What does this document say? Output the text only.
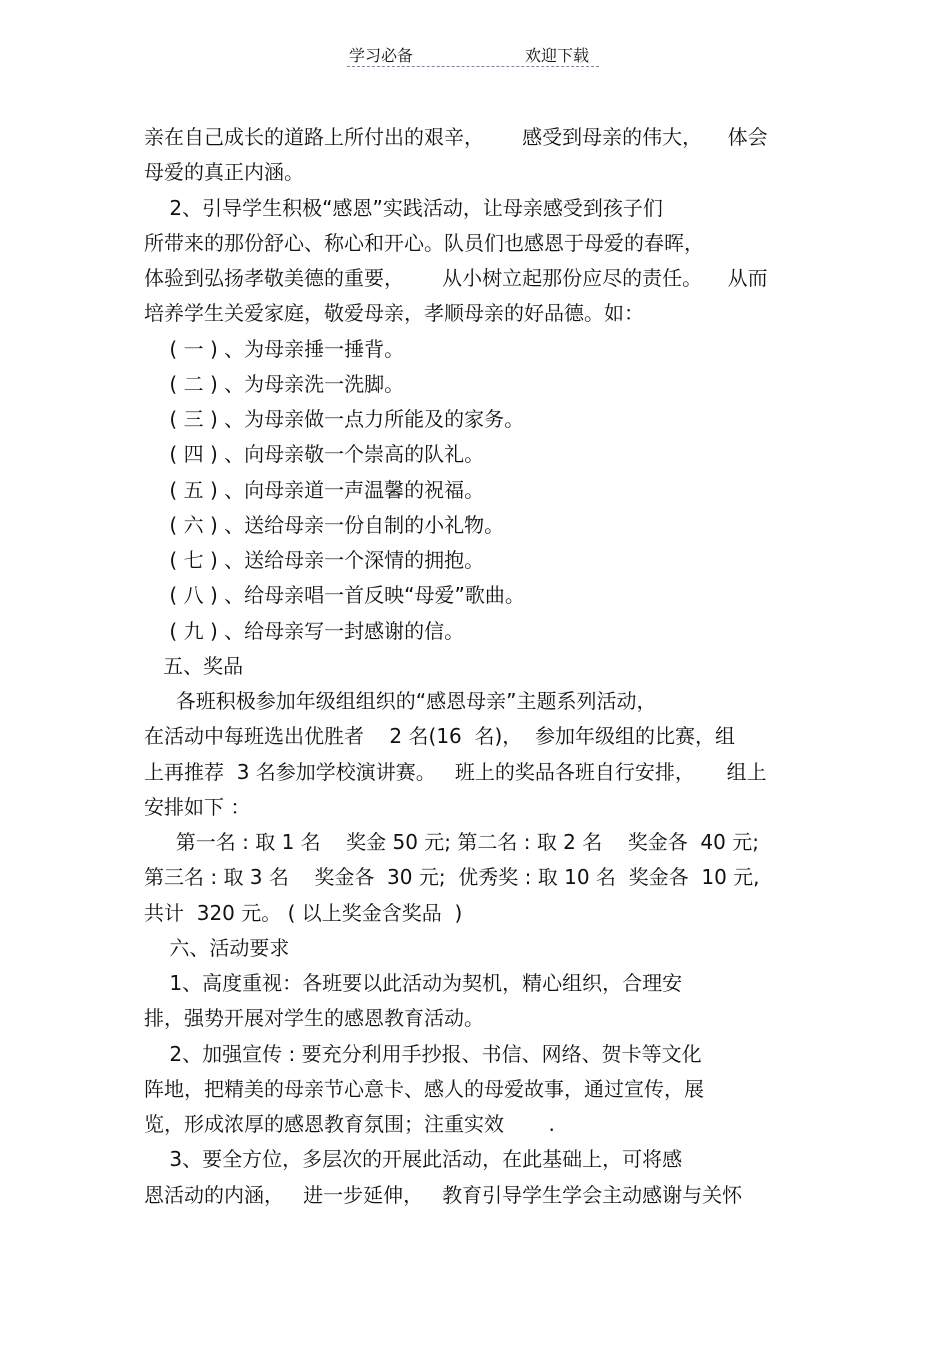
学习必备	欢迎下载
亲在自己成长的道路上所付出的艰辛，      感受到母亲的伟大，    体会
母爱的真正内涵。
2、引导学生积极“感恩”实践活动，让母亲感受到孩子们
所带来的那份舒心、称心和开心。队员们也感恩于母爱的春晖，
体验到弘扬孝敬美德的重要，      从小树立起那份应尽的责任。    从而
培养学生关爱家庭，敬爱母亲，孝顺母亲的好品德。如：
( 一 ) 、为母亲捶一捶背。
( 二 ) 、为母亲洗一洗脚。
( 三 ) 、为母亲做一点力所能及的家务。
( 四 ) 、向母亲敬一个崇高的队礼。
( 五 ) 、向母亲道一声温馨的祝福。
( 六 ) 、送给母亲一份自制的小礼物。
( 七 ) 、送给母亲一个深情的拥抱。
( 八 ) 、给母亲唱一首反映“母爱”歌曲。
( 九 ) 、给母亲写一封感谢的信。
五、奖品
各班积极参加年级组组织的“感恩母亲”主题系列活动，
在活动中每班选出优胜者    2 名(16  名)，  参加年级组的比赛，组
上再推荐  3 名参加学校演讲赛。   班上的奖品各班自行安排，     组上
安排如下 ：
第一名 : 取 1 名    奖金 50 元; 第二名 : 取 2 名    奖金各  40 元;
第三名 : 取 3 名    奖金各  30 元;  优秀奖 : 取 10 名  奖金各  10 元,
共计  320 元。 ( 以上奖金含奖品  )
六、活动要求
1、高度重视：各班要以此活动为契机，精心组织，合理安
排，强势开展对学生的感恩教育活动。
2、加强宣传 : 要充分利用手抄报、书信、网络、贺卡等文化
阵地，把精美的母亲节心意卡、感人的母爱故事，通过宣传，展
览，形成浓厚的感恩教育氛围；注重实效       .
3、要全方位，多层次的开展此活动，在此基础上，可将感
恩活动的内涵，   进一步延伸，   教育引导学生学会主动感谢与关怀
